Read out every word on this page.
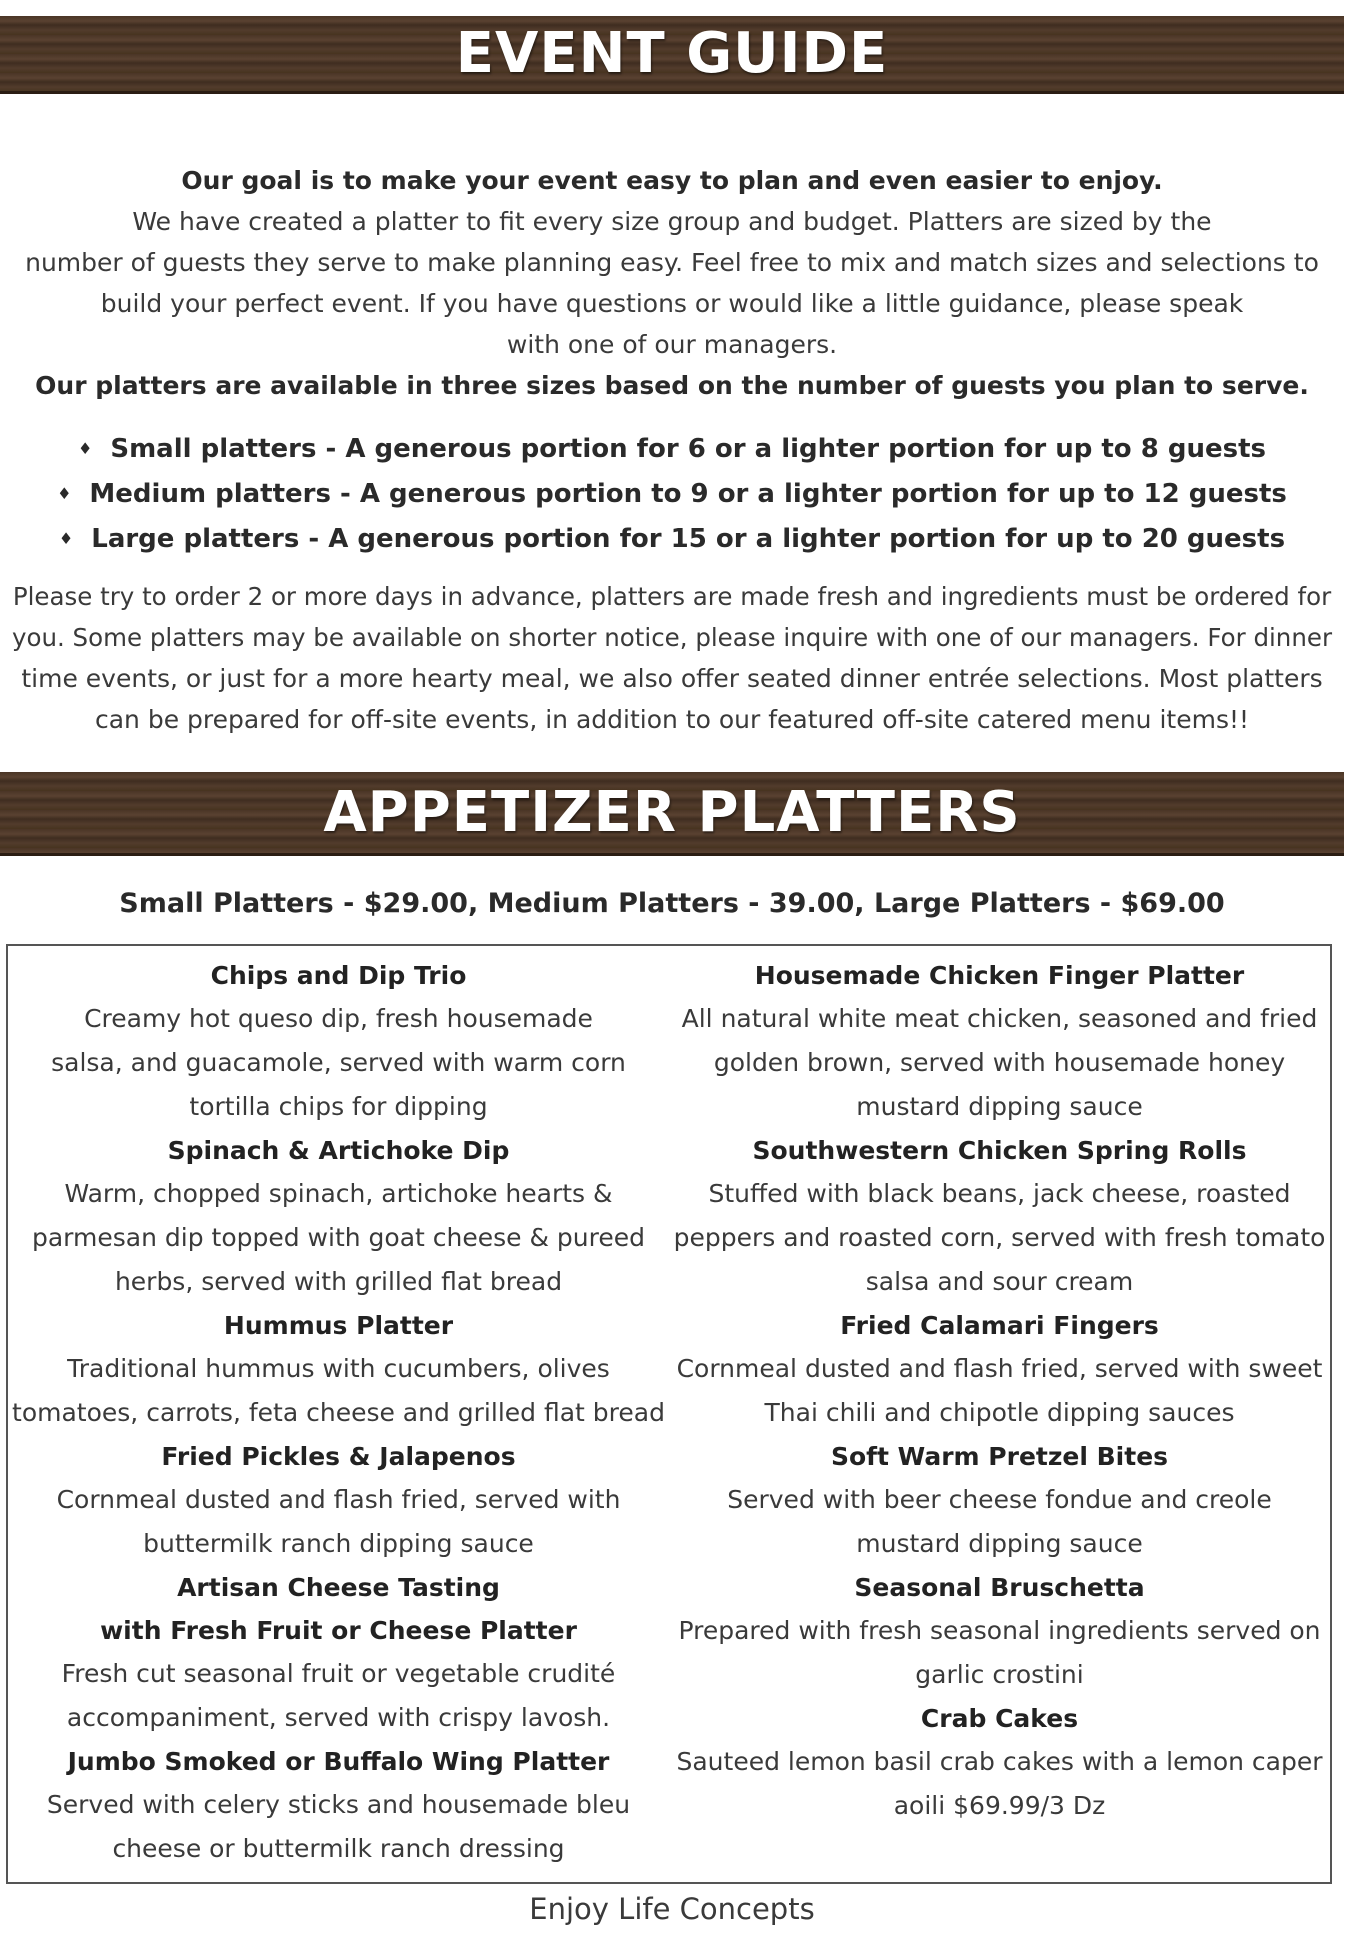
EVENT GUIDE
Our goal is to make your event easy to plan and even easier to enjoy.
We have created a platter to fit every size group and budget. Platters are sized by the
number of guests they serve to make planning easy. Feel free to mix and match sizes and selections to
build your perfect event. If you have questions or would like a little guidance, please speak
with one of our managers.
Our platters are available in three sizes based on the number of guests you plan to serve.
♦ Small platters - A generous portion for 6 or a lighter portion for up to 8 guests
♦ Medium platters - A generous portion to 9 or a lighter portion for up to 12 guests
♦ Large platters - A generous portion for 15 or a lighter portion for up to 20 guests
Please try to order 2 or more days in advance, platters are made fresh and ingredients must be ordered for
you. Some platters may be available on shorter notice, please inquire with one of our managers. For dinner
time events, or just for a more hearty meal, we also offer seated dinner entrée selections. Most platters
can be prepared for off-site events, in addition to our featured off-site catered menu items!!
APPETIZER PLATTERS
Small Platters - $29.00, Medium Platters - 39.00, Large Platters - $69.00
Chips and Dip Trio
Creamy hot queso dip, fresh housemade
salsa, and guacamole, served with warm corn
tortilla chips for dipping
Spinach & Artichoke Dip
Warm, chopped spinach, artichoke hearts &
parmesan dip topped with goat cheese & pureed
herbs, served with grilled flat bread
Hummus Platter
Traditional hummus with cucumbers, olives
tomatoes, carrots, feta cheese and grilled flat bread
Fried Pickles & Jalapenos
Cornmeal dusted and flash fried, served with
buttermilk ranch dipping sauce
Artisan Cheese Tasting
with Fresh Fruit or Cheese Platter
Fresh cut seasonal fruit or vegetable crudité
accompaniment, served with crispy lavosh.
Jumbo Smoked or Buffalo Wing Platter
Served with celery sticks and housemade bleu
cheese or buttermilk ranch dressing
Housemade Chicken Finger Platter
All natural white meat chicken, seasoned and fried
golden brown, served with housemade honey
mustard dipping sauce
Southwestern Chicken Spring Rolls
Stuffed with black beans, jack cheese, roasted
peppers and roasted corn, served with fresh tomato
salsa and sour cream
Fried Calamari Fingers
Cornmeal dusted and flash fried, served with sweet
Thai chili and chipotle dipping sauces
Soft Warm Pretzel Bites
Served with beer cheese fondue and creole
mustard dipping sauce
Seasonal Bruschetta
Prepared with fresh seasonal ingredients served on
garlic crostini
Crab Cakes
Sauteed lemon basil crab cakes with a lemon caper
aoili $69.99/3 Dz
Enjoy Life Concepts
